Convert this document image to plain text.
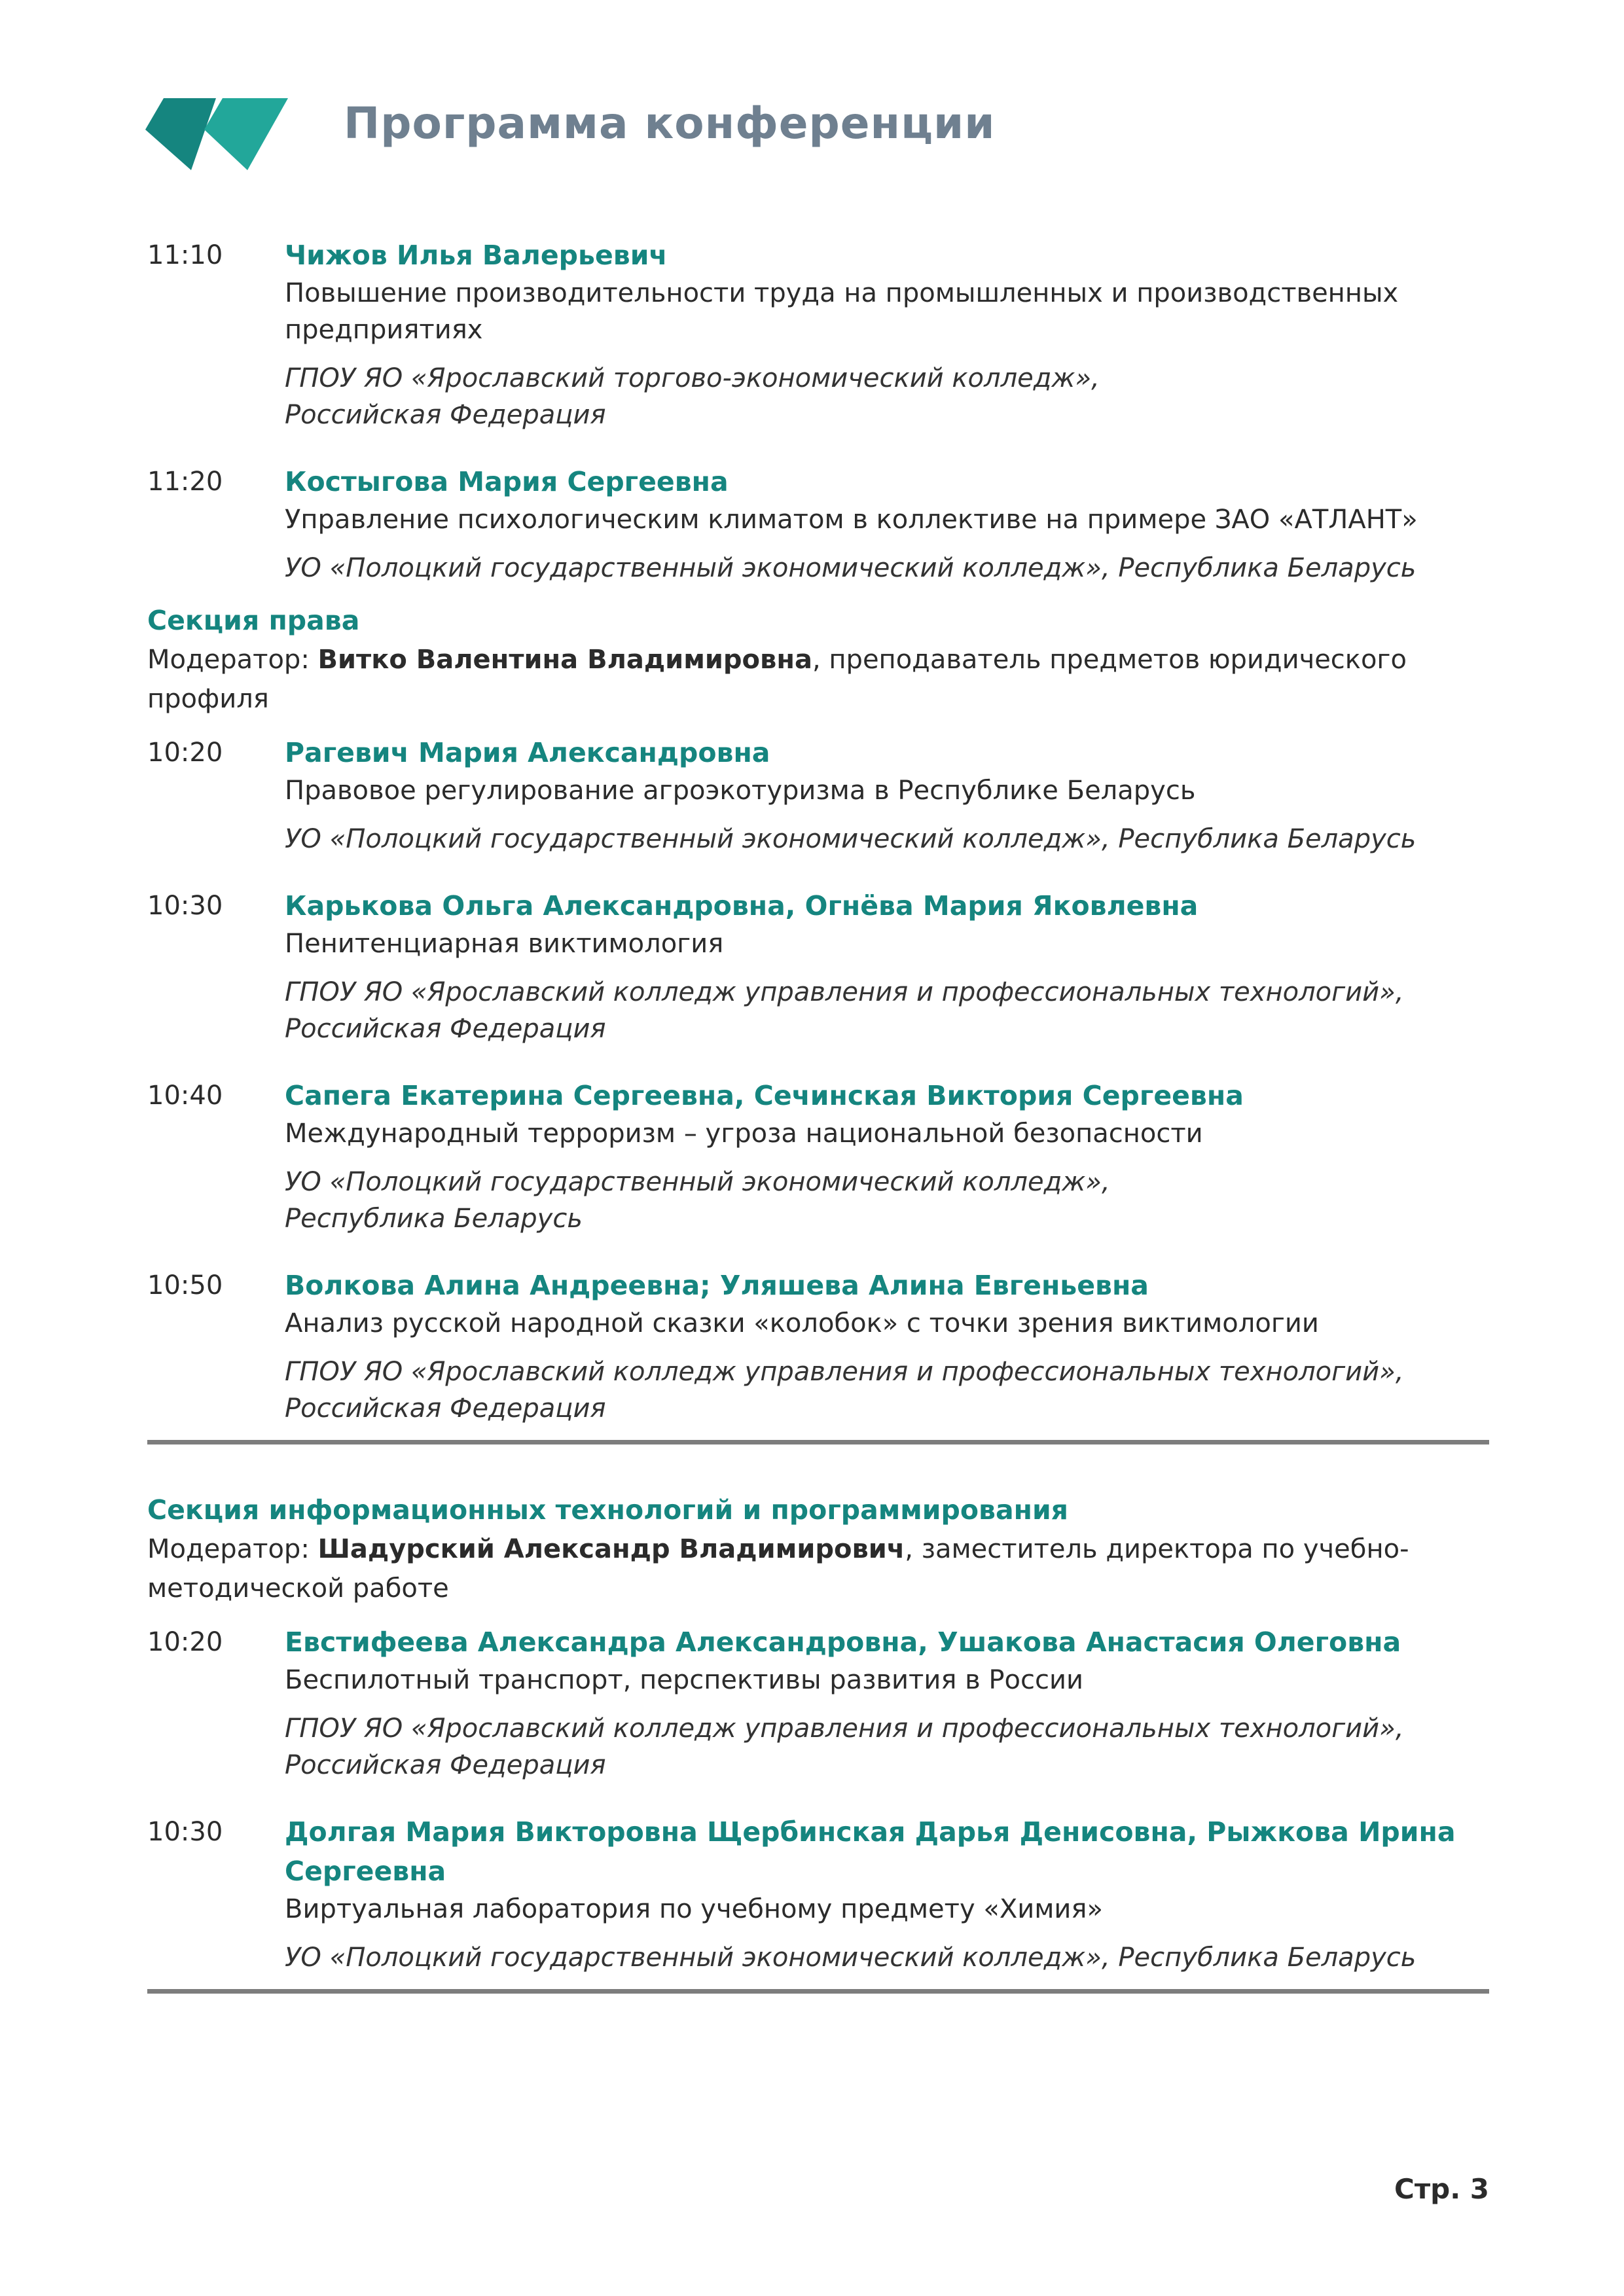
Программа конференции
11:10 Чижов Илья Валерьевич
Повышение производительности труда на промышленных и производственных предприятиях
ГПОУ ЯО «Ярославский торгово-экономический колледж»,
Российская Федерация
11:20 Костыгова Мария Сергеевна
Управление психологическим климатом в коллективе на примере ЗАО «АТЛАНТ»
УО «Полоцкий государственный экономический колледж», Республика Беларусь
Секция права
Модератор: Витко Валентина Владимировна, преподаватель предметов юридического профиля
10:20 Рагевич Мария Александровна
Правовое регулирование агроэкотуризма в Республике Беларусь
УО «Полоцкий государственный экономический колледж», Республика Беларусь
10:30 Карькова Ольга Александровна, Огнёва Мария Яковлевна
Пенитенциарная виктимология
ГПОУ ЯО «Ярославский колледж управления и профессиональных технологий»,
Российская Федерация
10:40 Сапега Екатерина Сергеевна, Сечинская Виктория Сергеевна
Международный терроризм – угроза национальной безопасности
УО «Полоцкий государственный экономический колледж»,
Республика Беларусь
10:50 Волкова Алина Андреевна; Уляшева Алина Евгеньевна
Анализ русской народной сказки «колобок» с точки зрения виктимологии
ГПОУ ЯО «Ярославский колледж управления и профессиональных технологий»,
Российская Федерация
Секция информационных технологий и программирования
Модератор: Шадурский Александр Владимирович, заместитель директора по учебно-методической работе
10:20 Евстифеева Александра Александровна, Ушакова Анастасия Олеговна
Беспилотный транспорт, перспективы развития в России
ГПОУ ЯО «Ярославский колледж управления и профессиональных технологий»,
Российская Федерация
10:30 Долгая Мария Викторовна Щербинская Дарья Денисовна, Рыжкова Ирина Сергеевна
Виртуальная лаборатория по учебному предмету «Химия»
УО «Полоцкий государственный экономический колледж», Республика Беларусь
Стр. 3
